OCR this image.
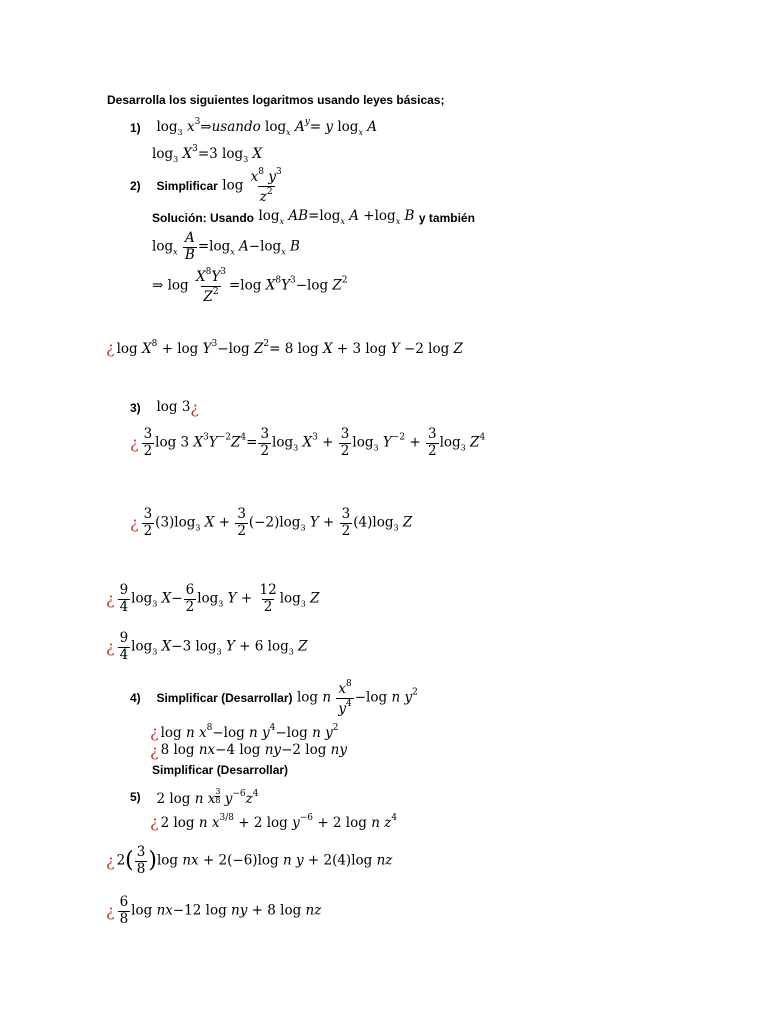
Desarrolla los siguientes logaritmos usando leyes básicas;
1) $\log_3$ $x^3\Rightarrow usando$ $\log_x A^y= y$ $\log_x A$
$\log_3 X^3=3$ $\log_3 X$
2) Simplificar $\log \frac{x^8 y^3}{z^2}$
Solución: Usando $\log_x AB=\log_x$ $A +\log_x$ B y también
$\log_x \frac{A}{B} =\log_x$ $A-\log_x$ B
⇒ $\log \frac{X^8Y^3}{Z^2} =\log$ $X^8Y^3-\log$ $Z^2$
¿ $\log X^8 + \log Y^3-\log$ $Z^2= 8$ log X + 3 log Y −2 log Z
3) log 3¿
¿ $\frac{3}{2}$ log 3 $X^3Y^{-2}Z^4= \frac{3}{2} \log_3 X^3 + \frac{3}{2} \log_3 Y^{-2} + \frac{3}{2} \log_3 Z^4$
¿ $\frac{3}{2} (3)\log_3$ $X + \frac{3}{2} (-2)\log_3$ $Y + \frac{3}{2} (4)\log_3$ Z
¿ $\frac{9}{4} \log_3 X- \frac{6}{2} \log_3 Y + \frac{12}{2} \log_3 Z$
¿ $\frac{9}{4} \log_3 X-3$ $\log_3 Y + 6$ $\log_3 Z$
4) Simplificar (Desarrollar) log n $\frac{x^8}{y^4} -\log$ n $y^2$
¿ log n $x^8-\log$ n $y^4-\log$ n $y^2$
¿ 8 log nx−4 log ny−2 log ny
Simplificar (Desarrollar)
5) 2 log n x $\frac{3}{8} y^{-6}z^4$
¿ 2 log n $x^{3/8} + 2$ $\log y^{-6} + 2$ log n $z^4$
¿ $2( \frac{3}{8} )\log$ nx + 2(−6)log n y + 2(4)log nz
¿ $\frac{6}{8}$ log nx−12 log ny + 8 log nz
